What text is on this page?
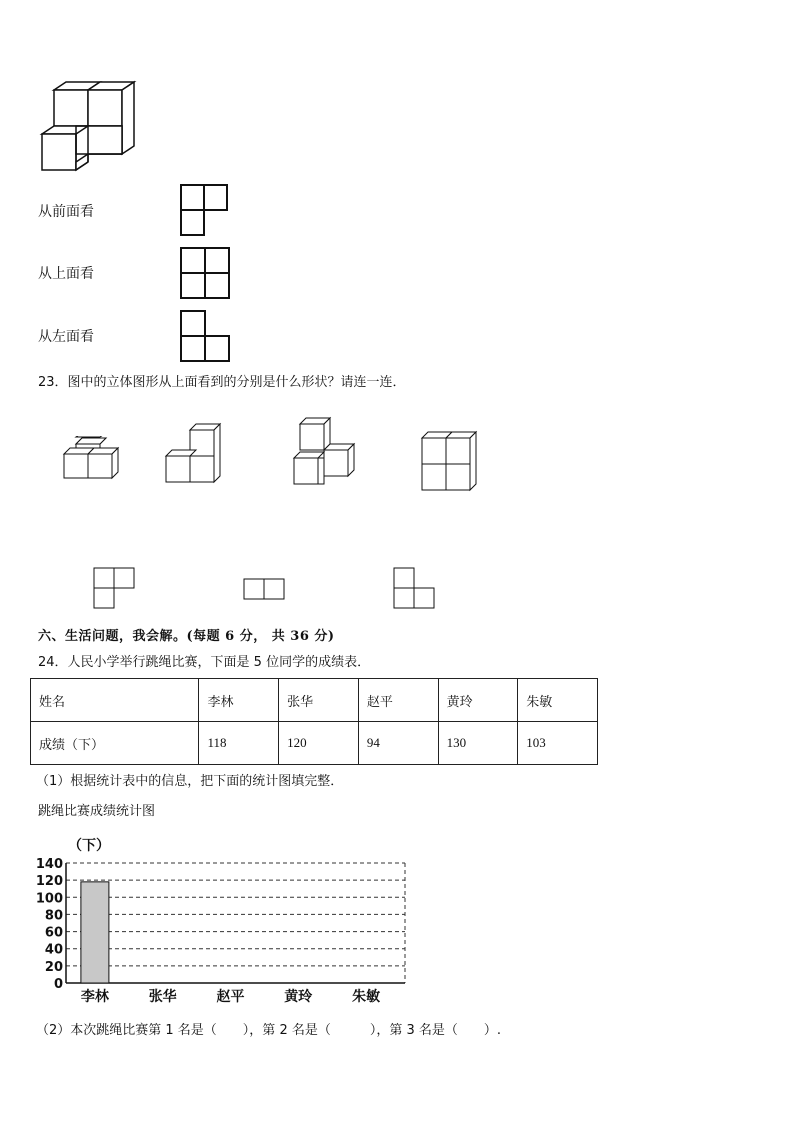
从前面看
从上面看
从左面看
23．图中的立体图形从上面看到的分别是什么形状？请连一连．
六、生活问题，我会解。(每题 6 分， 共 36 分)
24．人民小学举行跳绳比赛，下面是 5 位同学的成绩表．
姓名	李林	张华	赵平	黄玲	朱敏
成绩（下）	118	120	94	130	103
（1）根据统计表中的信息，把下面的统计图填完整．
跳绳比赛成绩统计图
（下）
0
20
40
60
80
100
120
140
李林	张华	赵平	黄玲	朱敏
（2）本次跳绳比赛第 1 名是（　　），第 2 名是（　　　），第 3 名是（　　）.
